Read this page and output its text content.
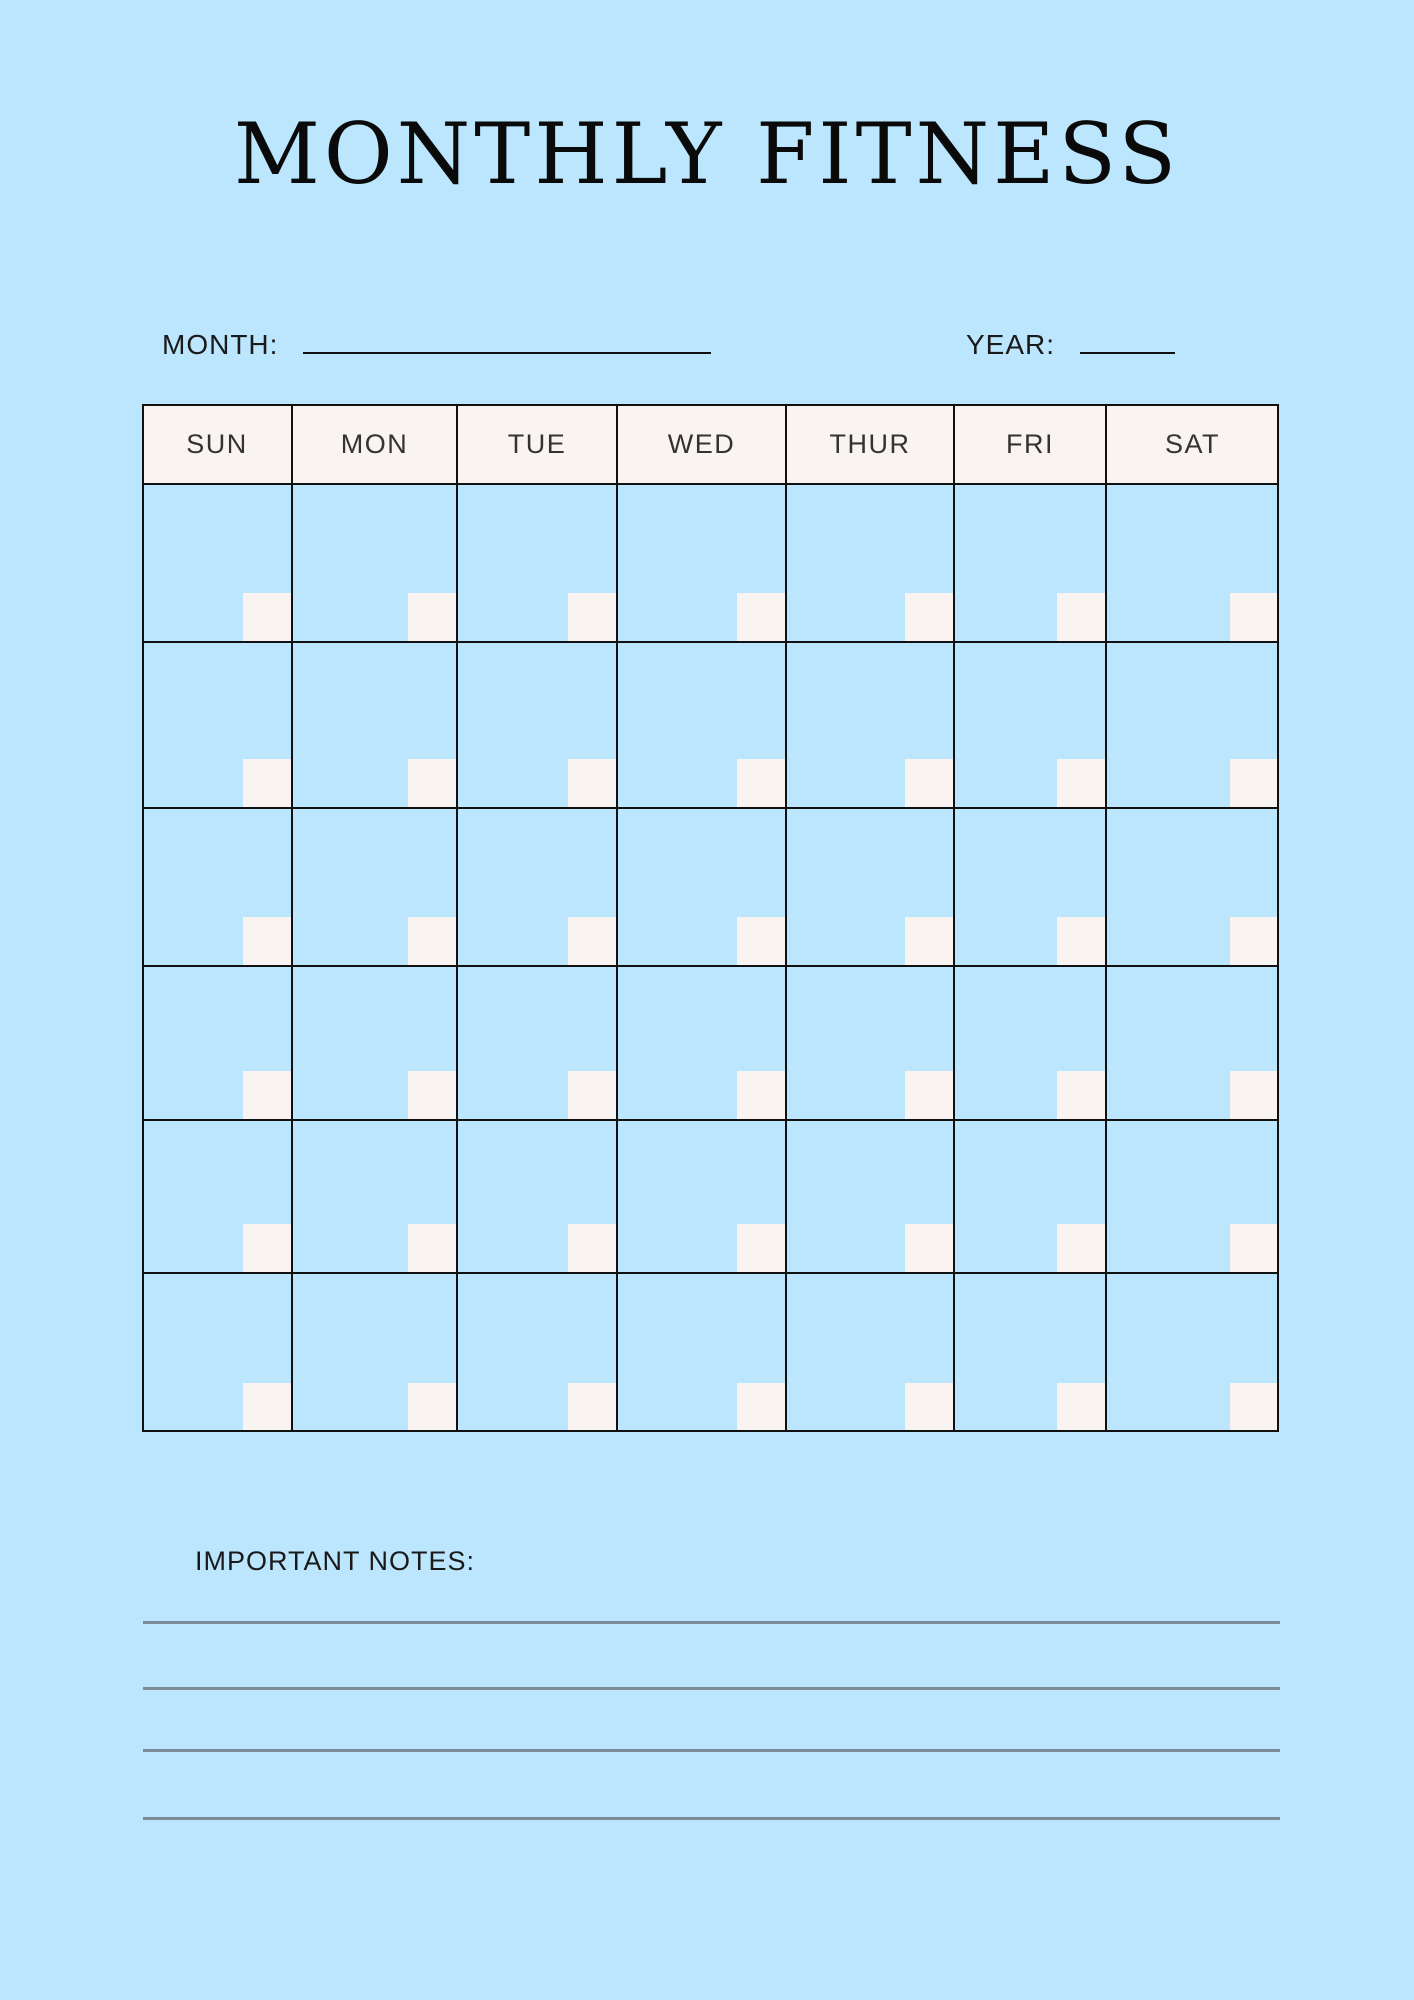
MONTHLY FITNESS
MONTH:	YEAR:
SUN	MON	TUE	WED	THUR	FRI	SAT
IMPORTANT NOTES:
